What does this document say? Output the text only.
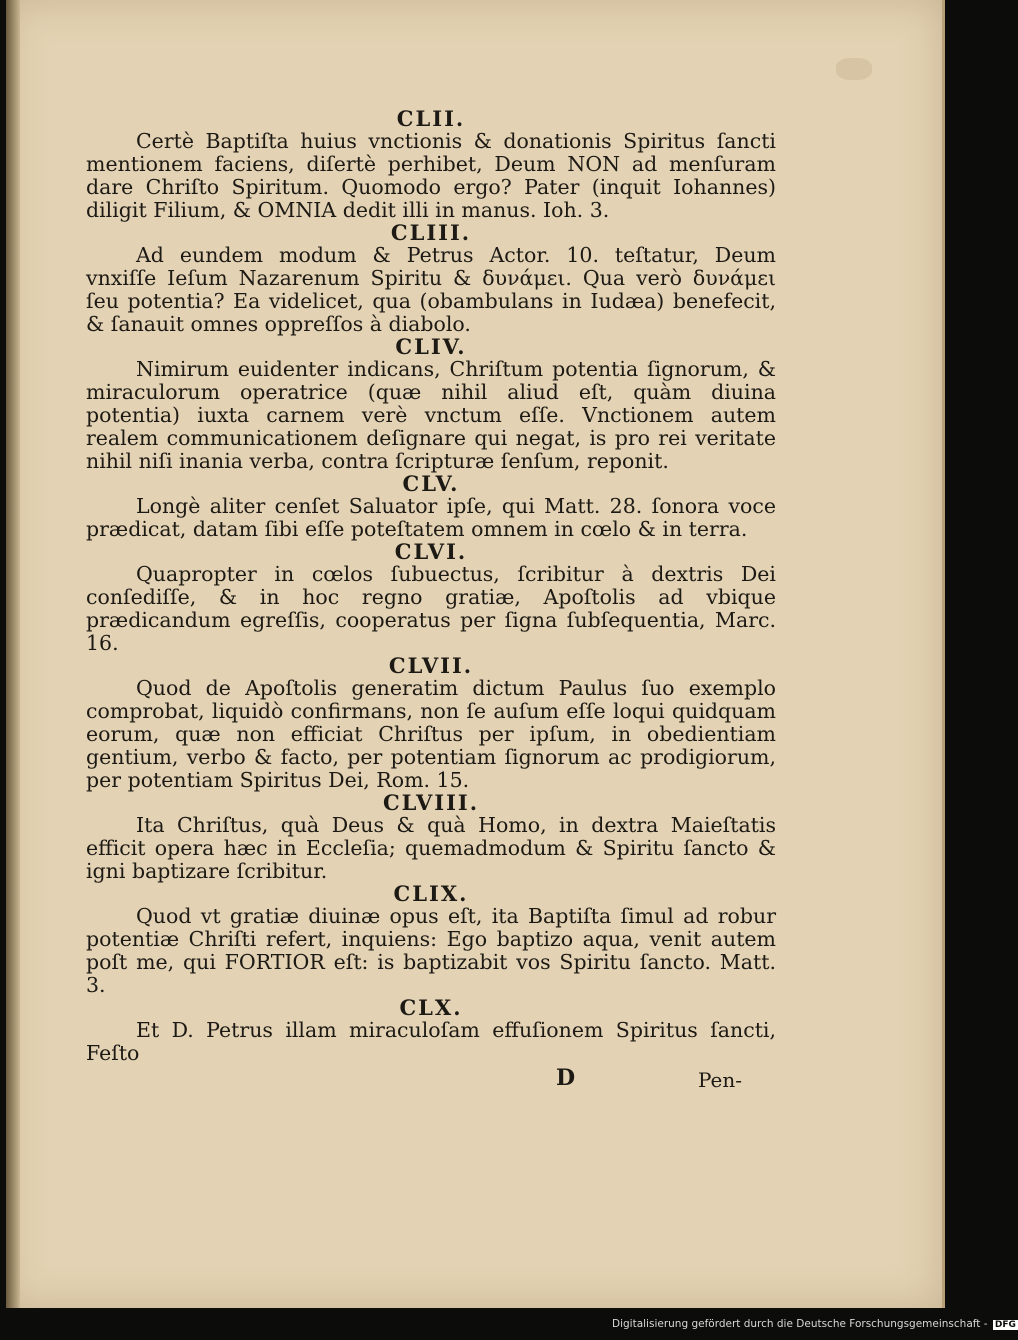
CLII.

Certè Baptiſta huius vnctionis & donationis Spiritus ſancti mentionem faciens, diſertè perhibet, Deum NON ad menſuram dare Chriſto Spiritum. Quomodo ergo? Pater (inquit Iohannes) diligit Filium, & OMNIA dedit illi in manus. Ioh. 3.

CLIII.

Ad eundem modum & Petrus Actor. 10. teſtatur, Deum vnxiſſe Ieſum Nazarenum Spiritu & δυνάμει. Qua verò δυνάμει ſeu potentia? Ea videlicet, qua (obambulans in Iudæa) benefecit, & ſanauit omnes oppreſſos à diabolo.

CLIV.

Nimirum euidenter indicans, Chriſtum potentia ſignorum, & miraculorum operatrice (quæ nihil aliud eſt, quàm diuina potentia) iuxta carnem verè vnctum eſſe. Vnctionem autem realem communicationem deſignare qui negat, is pro rei veritate nihil niſi inania verba, contra ſcripturæ ſenſum, reponit.

CLV.

Longè aliter cenſet Saluator ipſe, qui Matt. 28. ſonora voce prædicat, datam ſibi eſſe poteſtatem omnem in cœlo & in terra.

CLVI.

Quapropter in cœlos ſubuectus, ſcribitur à dextris Dei conſediſſe, & in hoc regno gratiæ, Apoſtolis ad vbique prædicandum egreſſis, cooperatus per ſigna ſubſequentia, Marc. 16.

CLVII.

Quod de Apoſtolis generatim dictum Paulus ſuo exemplo comprobat, liquidò confirmans, non ſe auſum eſſe loqui quidquam eorum, quæ non efficiat Chriſtus per ipſum, in obedientiam gentium, verbo & facto, per potentiam ſignorum ac prodigiorum, per potentiam Spiritus Dei, Rom. 15.

CLVIII.

Ita Chriſtus, quà Deus & quà Homo, in dextra Maieſtatis efficit opera hæc in Eccleſia; quemadmodum & Spiritu ſancto & igni baptizare ſcribitur.

CLIX.

Quod vt gratiæ diuinæ opus eſt, ita Baptiſta ſimul ad robur potentiæ Chriſti refert, inquiens: Ego baptizo aqua, venit autem poſt me, qui FORTIOR eſt: is baptizabit vos Spiritu ſancto. Matt. 3.

CLX.

Et D. Petrus illam miraculoſam effuſionem Spiritus ſancti, Feſto

D	Pen-
Digitalisierung gefördert durch die Deutsche Forschungsgemeinschaft - DFG
